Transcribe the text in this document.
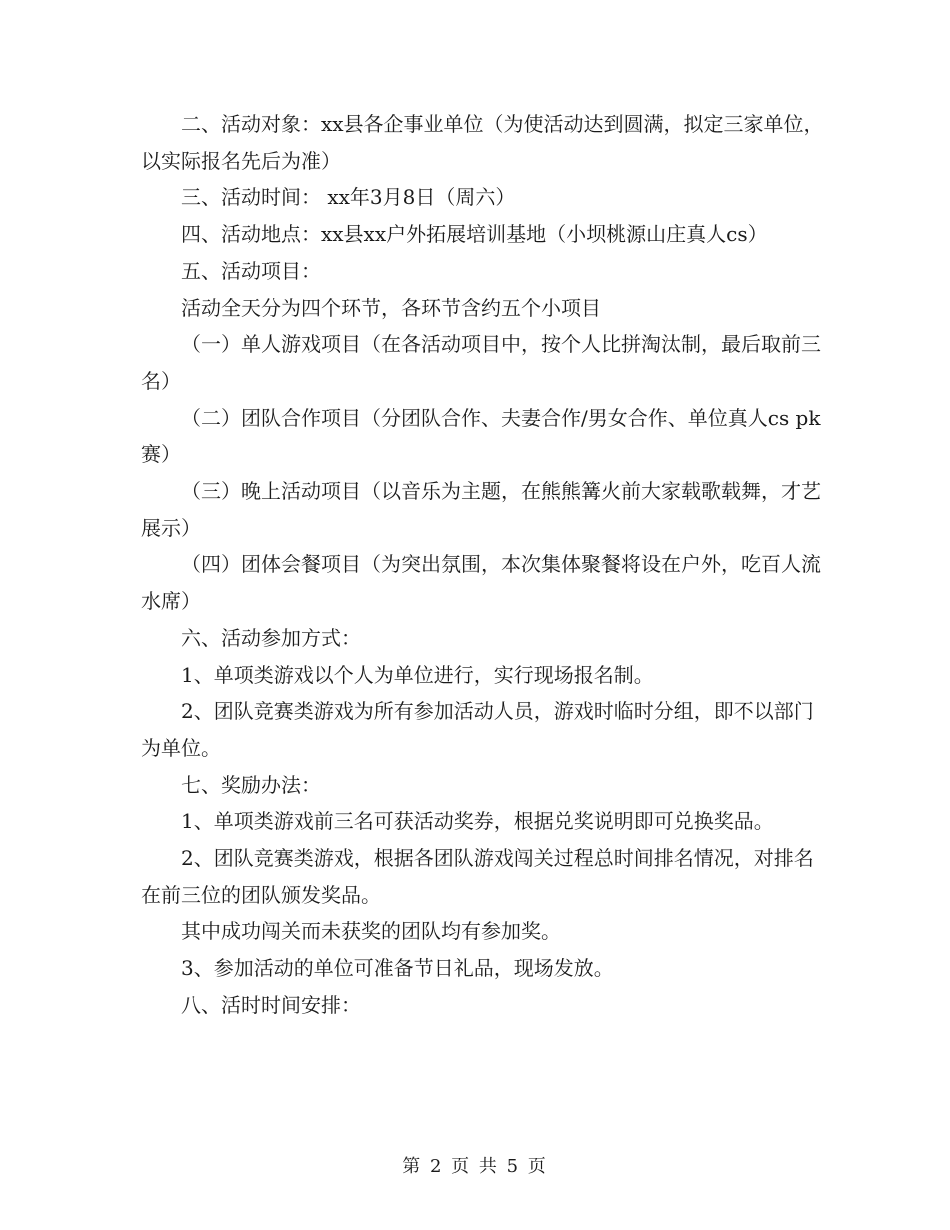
二、活动对象：xx县各企事业单位（为使活动达到圆满，拟定三家单位，以实际报名先后为准）

三、活动时间： xx年3月8日（周六）

四、活动地点：xx县xx户外拓展培训基地（小坝桃源山庄真人cs）

五、活动项目：

活动全天分为四个环节，各环节含约五个小项目

（一）单人游戏项目（在各活动项目中，按个人比拼淘汰制，最后取前三名）

（二）团队合作项目（分团队合作、夫妻合作/男女合作、单位真人cs pk赛）

（三）晚上活动项目（以音乐为主题，在熊熊篝火前大家载歌载舞，才艺展示）

（四）团体会餐项目（为突出氛围，本次集体聚餐将设在户外，吃百人流水席）

六、活动参加方式：

1、单项类游戏以个人为单位进行，实行现场报名制。

2、团队竞赛类游戏为所有参加活动人员，游戏时临时分组，即不以部门为单位。

七、奖励办法：

1、单项类游戏前三名可获活动奖券，根据兑奖说明即可兑换奖品。

2、团队竞赛类游戏，根据各团队游戏闯关过程总时间排名情况，对排名在前三位的团队颁发奖品。

其中成功闯关而未获奖的团队均有参加奖。

3、参加活动的单位可准备节日礼品，现场发放。

八、活时时间安排：

第 2 页 共 5 页
